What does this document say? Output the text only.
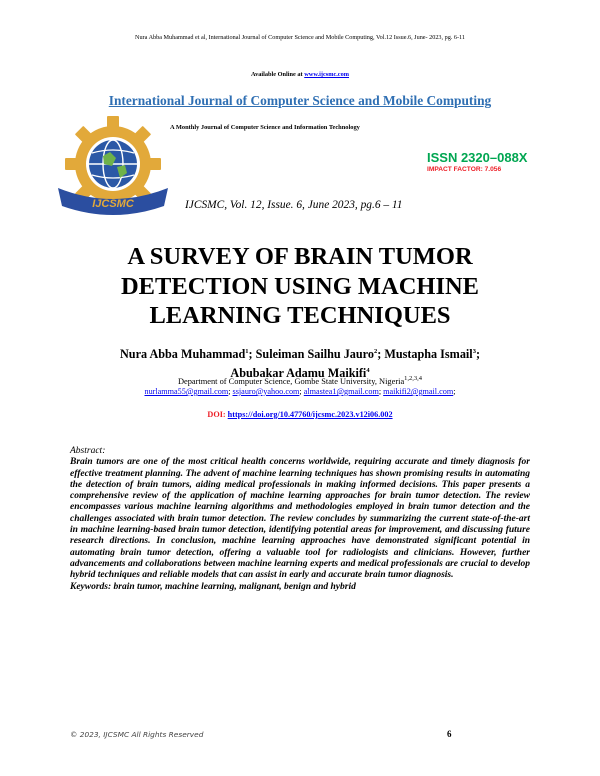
Nura Abba Muhammad et al, International Journal of Computer Science and Mobile Computing, Vol.12 Issue.6, June- 2023, pg. 6-11
Available Online at www.ijcsmc.com
International Journal of Computer Science and Mobile Computing
A Monthly Journal of Computer Science and Information Technology
IJCSMC
ISSN 2320–088X
IMPACT FACTOR: 7.056
IJCSMC, Vol. 12, Issue. 6, June 2023, pg.6 – 11
A SURVEY OF BRAIN TUMOR
DETECTION USING MACHINE
LEARNING TECHNIQUES
Nura Abba Muhammad$^1$; Suleiman Sailhu Jauro$^2$; Mustapha Ismail$^3$;
Abubakar Adamu Maikifi$^4$
Department of Computer Science, Gombe State University, Nigeria$^{1,2,3,4}$
nurlamma55@gmail.com; ssjauro@yahoo.com; almastea1@gmail.com; maikifi2@gmail.com;
DOI: https://doi.org/10.47760/ijcsmc.2023.v12i06.002
Abstract:
Brain tumors are one of the most critical health concerns worldwide, requiring accurate and timely diagnosis for effective treatment planning. The advent of machine learning techniques has shown promising results in automating the detection of brain tumors, aiding medical professionals in making informed decisions. This paper presents a comprehensive review of the application of machine learning approaches for brain tumor detection. The review encompasses various machine learning algorithms and methodologies employed in brain tumor detection and the challenges associated with brain tumor detection. The review concludes by summarizing the current state-of-the-art in machine learning-based brain tumor detection, identifying potential areas for improvement, and discussing future research directions. In conclusion, machine learning approaches have demonstrated significant potential in automating brain tumor detection, offering a valuable tool for radiologists and clinicians. However, further advancements and collaborations between machine learning experts and medical professionals are crucial to develop hybrid techniques and reliable models that can assist in early and accurate brain tumor diagnosis.
Keywords: brain tumor, machine learning, malignant, benign and hybrid
© 2023, IJCSMC All Rights Reserved	6
